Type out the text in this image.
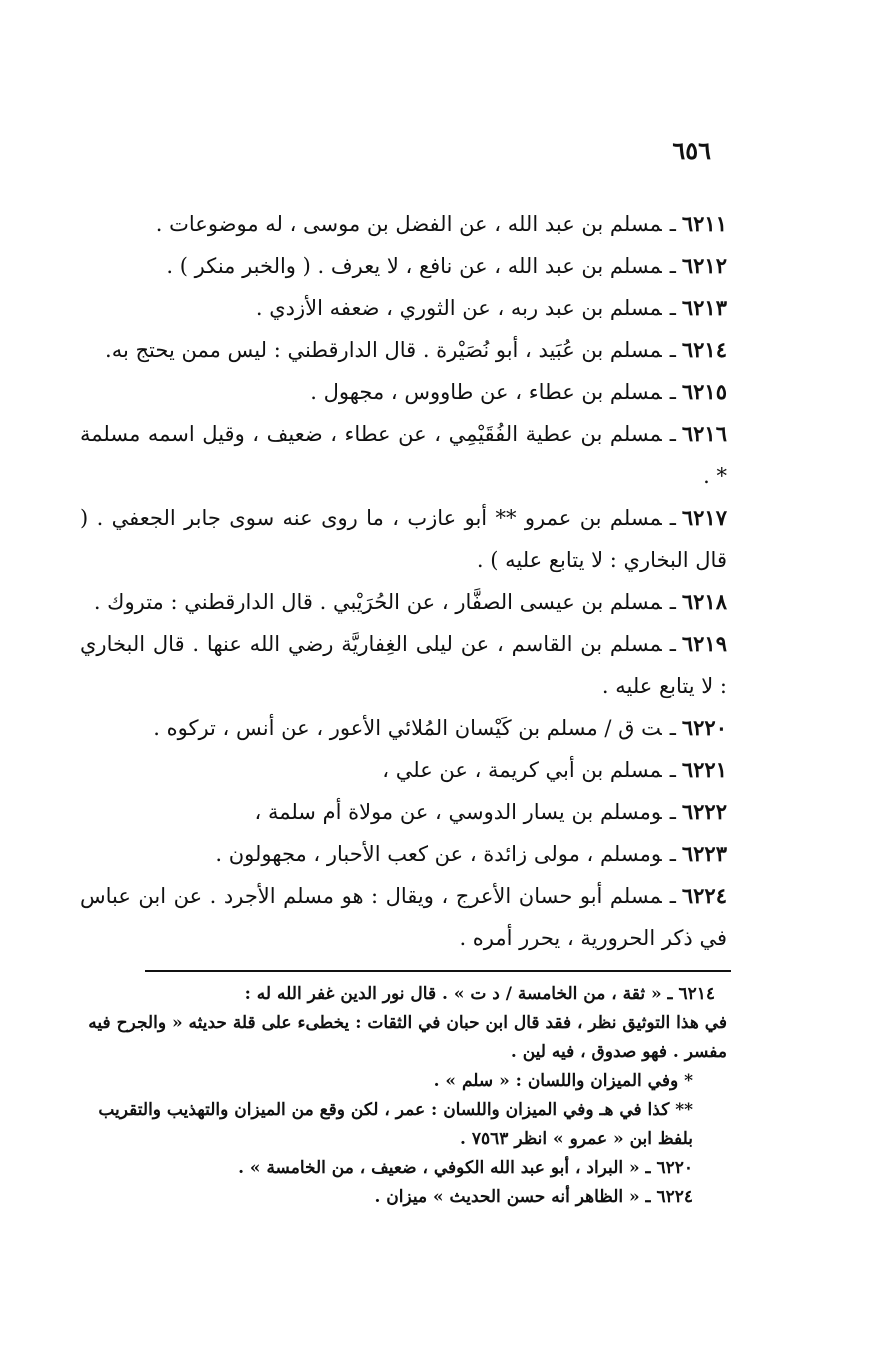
٦٥٦

٦٢١١ـمسلم بن عبد الله ، عن الفضل بن موسى ، له موضوعات .

٦٢١٢ـمسلم بن عبد الله ، عن نافع ، لا يعرف . ( والخبر منكر ) .

٦٢١٣ـمسلم بن عبد ربه ، عن الثوري ، ضعفه الأزدي .

٦٢١٤ـمسلم بن عُبَيد ، أبو نُصَيْرة . قال الدارقطني : ليس ممن يحتج به.

٦٢١٥ـمسلم بن عطاء ، عن طاووس ، مجهول .

٦٢١٦ـمسلم بن عطية الفُقَيْمِي ، عن عطاء ، ضعيف ، وقيل اسمه مسلمة * .

٦٢١٧ـمسلم بن عمرو ** أبو عازب ، ما روى عنه سوى جابر الجعفي . ( قال البخاري : لا يتابع عليه ) .

٦٢١٨ـمسلم بن عيسى الصفَّار ، عن الحُرَيْبي . قال الدارقطني : متروك .

٦٢١٩ـمسلم بن القاسم ، عن ليلى الغِفاريَّة رضي الله عنها . قال البخاري : لا يتابع عليه .

٦٢٢٠ـت ق / مسلم بن كَيْسان المُلائي الأعور ، عن أنس ، تركوه .

٦٢٢١ـمسلم بن أبي كريمة ، عن علي ،

٦٢٢٢ـومسلم بن يسار الدوسي ، عن مولاة أم سلمة ،

٦٢٢٣ـومسلم ، مولى زائدة ، عن كعب الأحبار ، مجهولون .

٦٢٢٤ـمسلم أبو حسان الأعرج ، ويقال : هو مسلم الأجرد . عن ابن عباس في ذكر الحرورية ، يحرر أمره .

٦٢١٤ ـ « ثقة ، من الخامسة / د ت » . قال نور الدين غفر الله له :

في هذا التوثيق نظر ، فقد قال ابن حبان في الثقات : يخطىء على قلة حديثه « والجرح فيه مفسر . فهو صدوق ، فيه لين .

* وفي الميزان واللسان : « سلم » .

** كذا في هـ وفي الميزان واللسان : عمر ، لكن وقع من الميزان والتهذيب والتقريب بلفظ ابن « عمرو » انظر ٧٥٦٣ .

٦٢٢٠ ـ « البراد ، أبو عبد الله الكوفي ، ضعيف ، من الخامسة » .

٦٢٢٤ ـ « الظاهر أنه حسن الحديث » ميزان .
